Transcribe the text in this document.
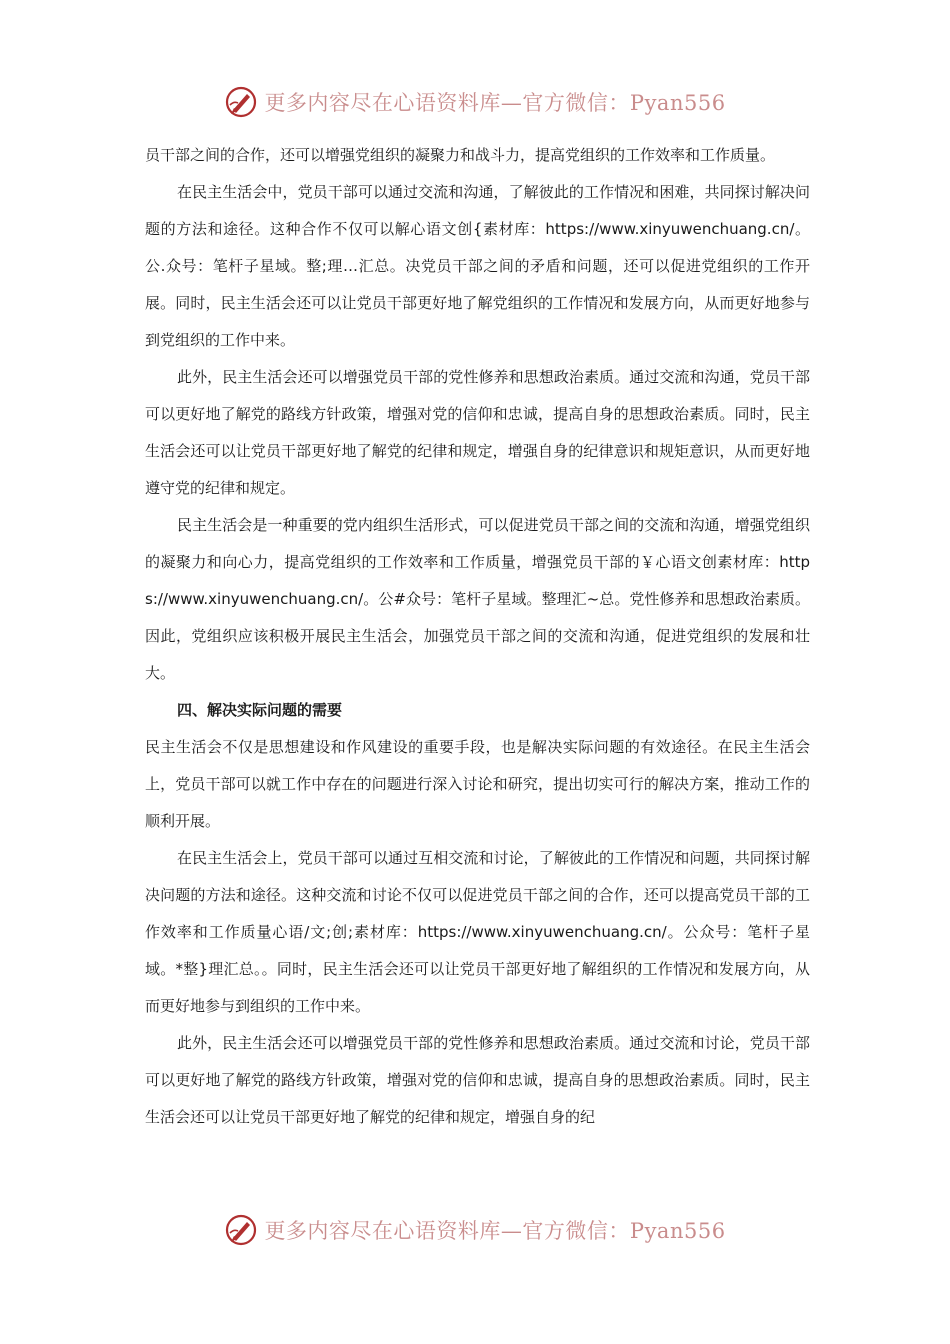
更多内容尽在心语资料库—官方微信：Pyan556

员干部之间的合作，还可以增强党组织的凝聚力和战斗力，提高党组织的工作效率和工作质量。

在民主生活会中，党员干部可以通过交流和沟通，了解彼此的工作情况和困难，共同探讨解决问题的方法和途径。这种合作不仅可以解心语文创{素材库：https://www.xinyuwenchuang.cn/。公.众号：笔杆子星域。整;理…汇总。决党员干部之间的矛盾和问题，还可以促进党组织的工作开展。同时，民主生活会还可以让党员干部更好地了解党组织的工作情况和发展方向，从而更好地参与到党组织的工作中来。

此外，民主生活会还可以增强党员干部的党性修养和思想政治素质。通过交流和沟通，党员干部可以更好地了解党的路线方针政策，增强对党的信仰和忠诚，提高自身的思想政治素质。同时，民主生活会还可以让党员干部更好地了解党的纪律和规定，增强自身的纪律意识和规矩意识，从而更好地遵守党的纪律和规定。

民主生活会是一种重要的党内组织生活形式，可以促进党员干部之间的交流和沟通，增强党组织的凝聚力和向心力，提高党组织的工作效率和工作质量，增强党员干部的￥心语文创素材库：https://www.xinyuwenchuang.cn/。公#众号：笔杆子星域。整理汇~总。党性修养和思想政治素质。因此，党组织应该积极开展民主生活会，加强党员干部之间的交流和沟通，促进党组织的发展和壮大。

四、解决实际问题的需要

民主生活会不仅是思想建设和作风建设的重要手段，也是解决实际问题的有效途径。在民主生活会上，党员干部可以就工作中存在的问题进行深入讨论和研究，提出切实可行的解决方案，推动工作的顺利开展。

在民主生活会上，党员干部可以通过互相交流和讨论，了解彼此的工作情况和问题，共同探讨解决问题的方法和途径。这种交流和讨论不仅可以促进党员干部之间的合作，还可以提高党员干部的工作效率和工作质量心语/文;创;素材库：https://www.xinyuwenchuang.cn/。公众号：笔杆子星域。*整}理汇总。。同时，民主生活会还可以让党员干部更好地了解组织的工作情况和发展方向，从而更好地参与到组织的工作中来。

此外，民主生活会还可以增强党员干部的党性修养和思想政治素质。通过交流和讨论，党员干部可以更好地了解党的路线方针政策，增强对党的信仰和忠诚，提高自身的思想政治素质。同时，民主生活会还可以让党员干部更好地了解党的纪律和规定，增强自身的纪

更多内容尽在心语资料库—官方微信：Pyan556
